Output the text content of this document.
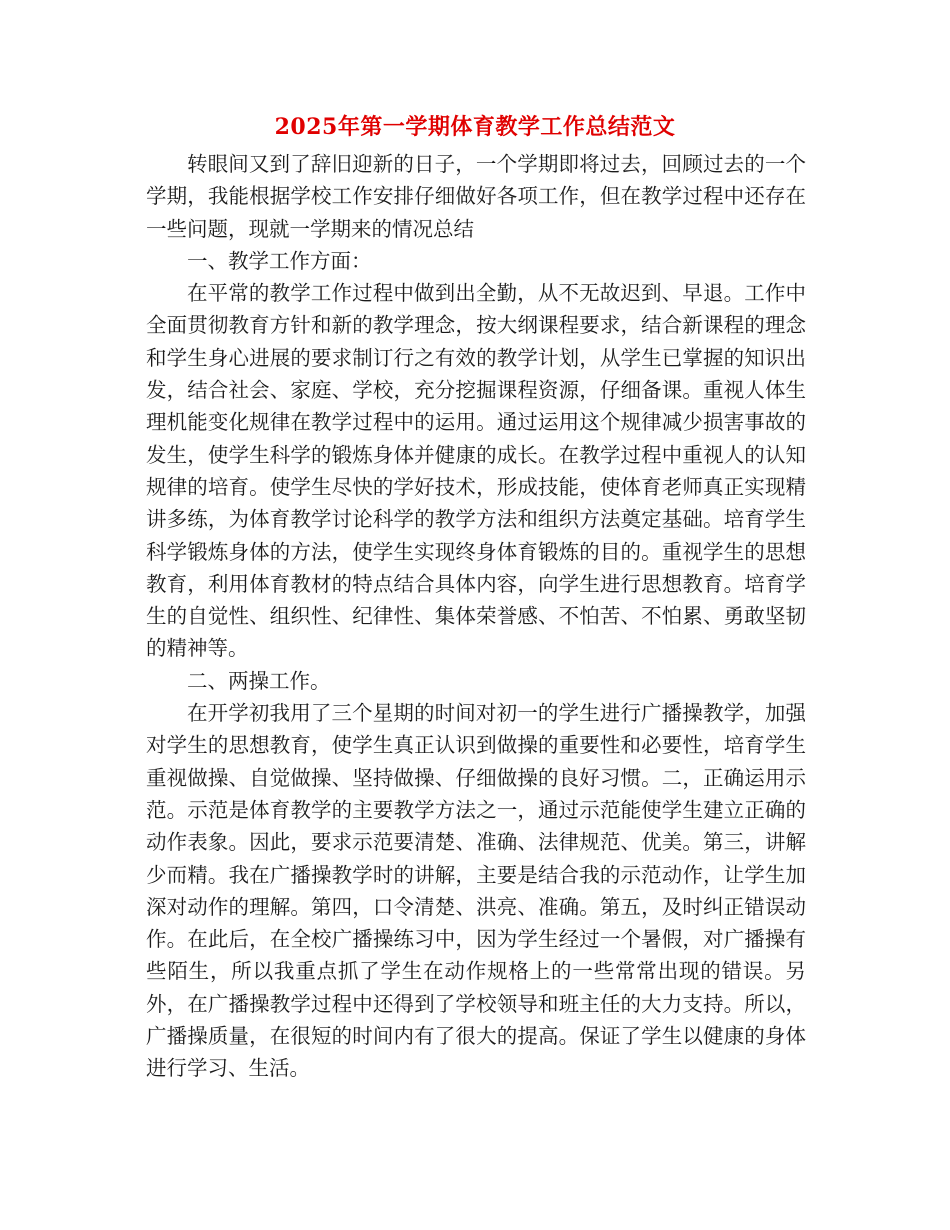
2025年第一学期体育教学工作总结范文

转眼间又到了辞旧迎新的日子，一个学期即将过去，回顾过去的一个学期，我能根据学校工作安排仔细做好各项工作，但在教学过程中还存在一些问题，现就一学期来的情况总结

一、教学工作方面：

在平常的教学工作过程中做到出全勤，从不无故迟到、早退。工作中全面贯彻教育方针和新的教学理念，按大纲课程要求，结合新课程的理念和学生身心进展的要求制订行之有效的教学计划，从学生已掌握的知识出发，结合社会、家庭、学校，充分挖掘课程资源，仔细备课。重视人体生理机能变化规律在教学过程中的运用。通过运用这个规律减少损害事故的发生，使学生科学的锻炼身体并健康的成长。在教学过程中重视人的认知规律的培育。使学生尽快的学好技术，形成技能，使体育老师真正实现精讲多练，为体育教学讨论科学的教学方法和组织方法奠定基础。培育学生科学锻炼身体的方法，使学生实现终身体育锻炼的目的。重视学生的思想教育，利用体育教材的特点结合具体内容，向学生进行思想教育。培育学生的自觉性、组织性、纪律性、集体荣誉感、不怕苦、不怕累、勇敢坚韧的精神等。

二、两操工作。

在开学初我用了三个星期的时间对初一的学生进行广播操教学，加强对学生的思想教育，使学生真正认识到做操的重要性和必要性，培育学生重视做操、自觉做操、坚持做操、仔细做操的良好习惯。二，正确运用示范。示范是体育教学的主要教学方法之一，通过示范能使学生建立正确的动作表象。因此，要求示范要清楚、准确、法律规范、优美。第三，讲解少而精。我在广播操教学时的讲解，主要是结合我的示范动作，让学生加深对动作的理解。第四，口令清楚、洪亮、准确。第五，及时纠正错误动作。在此后，在全校广播操练习中，因为学生经过一个暑假，对广播操有些陌生，所以我重点抓了学生在动作规格上的一些常常出现的错误。另外，在广播操教学过程中还得到了学校领导和班主任的大力支持。所以，广播操质量，在很短的时间内有了很大的提高。保证了学生以健康的身体进行学习、生活。
